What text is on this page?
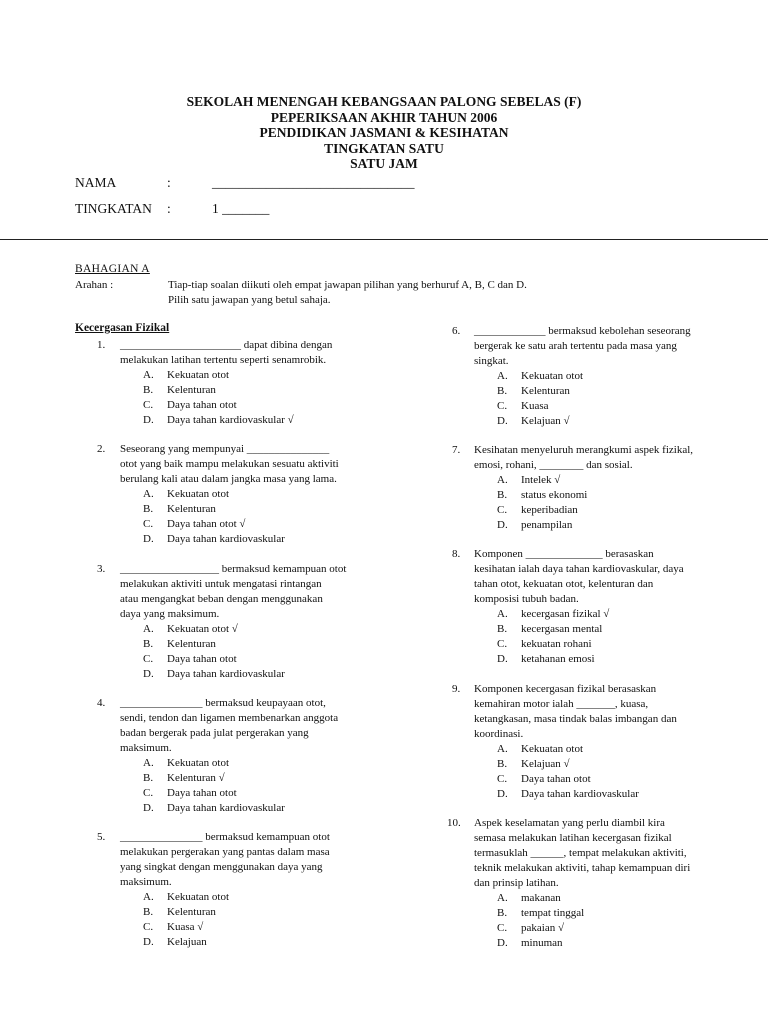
SEKOLAH MENENGAH KEBANGSAAN PALONG SEBELAS (F)
PEPERIKSAAN AKHIR TAHUN 2006
PENDIDIKAN JASMANI & KESIHATAN
TINGKATAN SATU
SATU JAM
NAMA	:	______________________________
TINGKATAN :	1 _______
BAHAGIAN A
Arahan :	Tiap-tiap soalan diikuti oleh empat jawapan pilihan yang berhuruf A, B, C dan D.
Pilih satu jawapan yang betul sahaja.
Kecergasan Fizikal
1. ______________________ dapat dibina dengan
melakukan latihan tertentu seperti senamrobik.
A. Kekuatan otot
B. Kelenturan
C. Daya tahan otot
D. Daya tahan kardiovaskular √
2. Seseorang yang mempunyai _______________
otot yang baik mampu melakukan sesuatu aktiviti
berulang kali atau dalam jangka masa yang lama.
A. Kekuatan otot
B. Kelenturan
C. Daya tahan otot √
D. Daya tahan kardiovaskular
3. __________________ bermaksud kemampuan otot
melakukan aktiviti untuk mengatasi rintangan
atau mengangkat beban dengan menggunakan
daya yang maksimum.
A. Kekuatan otot √
B. Kelenturan
C. Daya tahan otot
D. Daya tahan kardiovaskular
4. _______________ bermaksud keupayaan otot,
sendi, tendon dan ligamen membenarkan anggota
badan bergerak pada julat pergerakan yang
maksimum.
A. Kekuatan otot
B. Kelenturan √
C. Daya tahan otot
D. Daya tahan kardiovaskular
5. _______________ bermaksud kemampuan otot
melakukan pergerakan yang pantas dalam masa
yang singkat dengan menggunakan daya yang
maksimum.
A. Kekuatan otot
B. Kelenturan
C. Kuasa √
D. Kelajuan
6. _____________ bermaksud kebolehan seseorang
bergerak ke satu arah tertentu pada masa yang
singkat.
A. Kekuatan otot
B. Kelenturan
C. Kuasa
D. Kelajuan √
7. Kesihatan menyeluruh merangkumi aspek fizikal,
emosi, rohani, ________ dan sosial.
A. Intelek √
B. status ekonomi
C. keperibadian
D. penampilan
8. Komponen ______________ berasaskan
kesihatan ialah daya tahan kardiovaskular, daya
tahan otot, kekuatan otot, kelenturan dan
komposisi tubuh badan.
A. kecergasan fizikal √
B. kecergasan mental
C. kekuatan rohani
D. ketahanan emosi
9. Komponen kecergasan fizikal berasaskan
kemahiran motor ialah _______, kuasa,
ketangkasan, masa tindak balas imbangan dan
koordinasi.
A. Kekuatan otot
B. Kelajuan √
C. Daya tahan otot
D. Daya tahan kardiovaskular
10. Aspek keselamatan yang perlu diambil kira
semasa melakukan latihan kecergasan fizikal
termasuklah ______, tempat melakukan aktiviti,
teknik melakukan aktiviti, tahap kemampuan diri
dan prinsip latihan.
A. makanan
B. tempat tinggal
C. pakaian √
D. minuman
